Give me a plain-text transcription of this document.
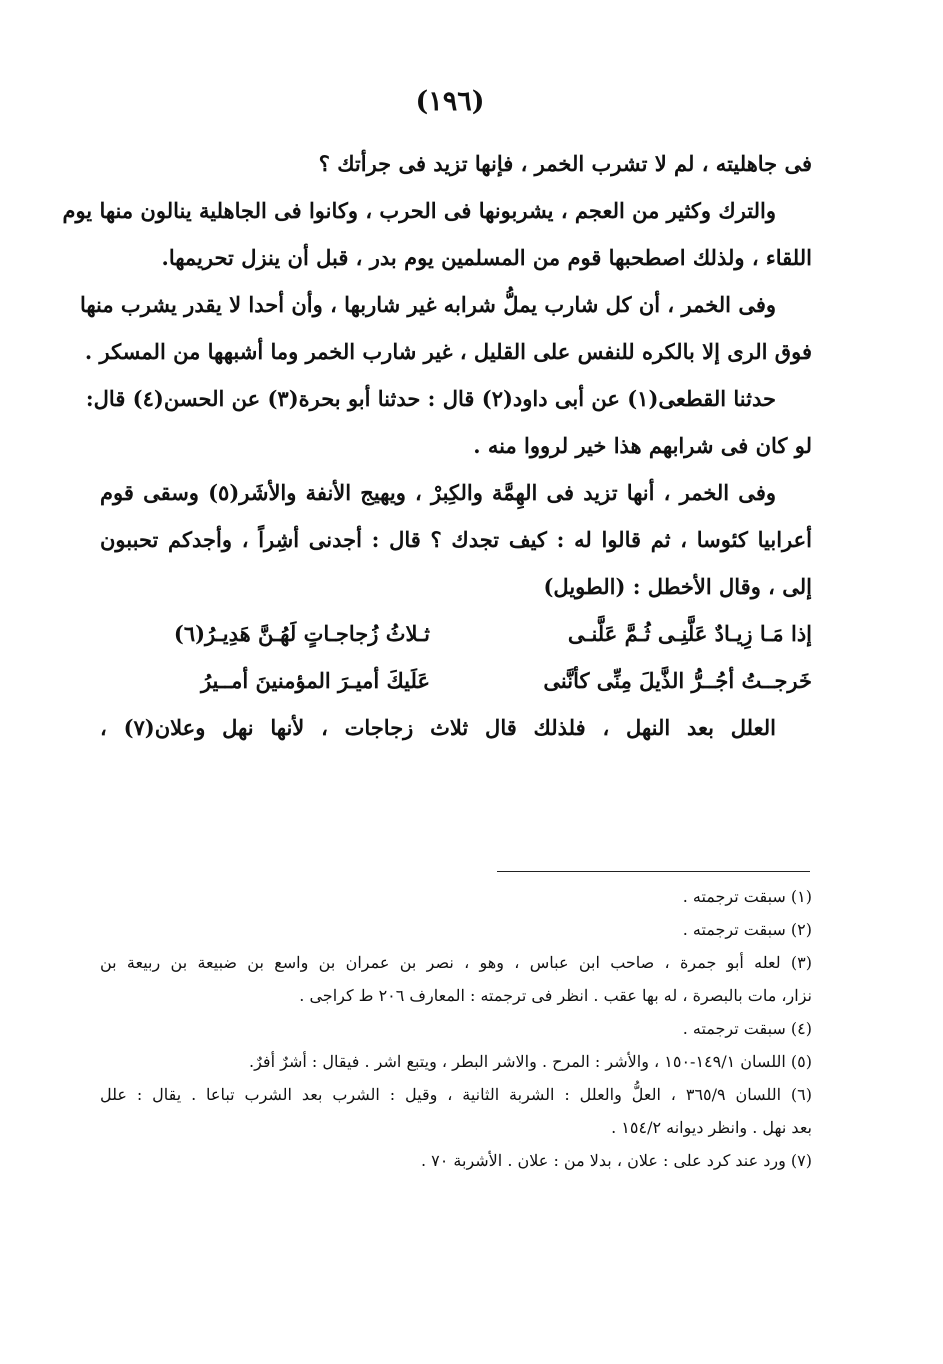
(١٩٦)
فى جاهليته ، لم لا تشرب الخمر ، فإنها تزيد فى جرأتك ؟
والترك وكثير من العجم ، يشربونها فى الحرب ، وكانوا فى الجاهلية ينالون منها يوم
اللقاء ، ولذلك اصطحبها قوم من المسلمين يوم بدر ، قبل أن ينزل تحريمها.
وفى الخمر ، أن كل شارب يملُّ شرابه غير شاربها ، وأن أحدا لا يقدر يشرب منها
فوق الرى إلا بالكره للنفس على القليل ، غير شارب الخمر وما أشبهها من المسكر .
حدثنا القطعى(١) عن أبى داود(٢) قال : حدثنا أبو بحرة(٣) عن الحسن(٤) قال:
لو كان فى شرابهم هذا خير لرووا منه .
وفى الخمر ، أنها تزيد فى الهِمَّة والكِبرْ ، ويهيج الأنفة والأشَر(٥) وسقى قوم
أعرابيا كئوسا ، ثم قالوا له : كيف تجدك ؟ قال : أجدنى أشِراً ، وأجدكم تحببون
إلى ، وقال الأخطل : (الطويل)
إذا مَـا زِيـادٌ عَلَّنِـى ثُـمَّ عَلَّنـى
ثـلاثُ زُجاجـاتٍ لَهُـنَّ هَدِيـرُ(٦)
خَرجــتُ أجُــرُّ الذَّيلَ مِنِّى كأنَّنى
عَلَيكَ أميـرَ المؤمنينَ أمــيرُ
العلل بعد النهل ، فلذلك قال ثلاث زجاجات ، لأنها نهل وعلان(٧) ،
(١) سبقت ترجمته .
(٢) سبقت ترجمته .
(٣) لعله أبو جمرة ، صاحب ابن عباس ، وهو ، نصر بن عمران بن واسع بن ضبيعة بن ربيعة بن
نزار، مات بالبصرة ، له بها عقب . انظر فى ترجمته : المعارف ٢٠٦ ط كراجى .
(٤) سبقت ترجمته .
(٥) اللسان ١٤٩/١-١٥٠ ، والأشر : المرح . والاشر البطر ، ويتبع اشر . فيقال : أشرٌ أفرٌ.
(٦) اللسان ٣٦٥/٩ ، العلُّ والعلل : الشربة الثانية ، وقيل : الشرب بعد الشرب تباعا . يقال : علل
بعد نهل . وانظر ديوانه ١٥٤/٢ .
(٧) ورد عند كرد على : علان ، بدلا من : علان . الأشربة ٧٠ .
